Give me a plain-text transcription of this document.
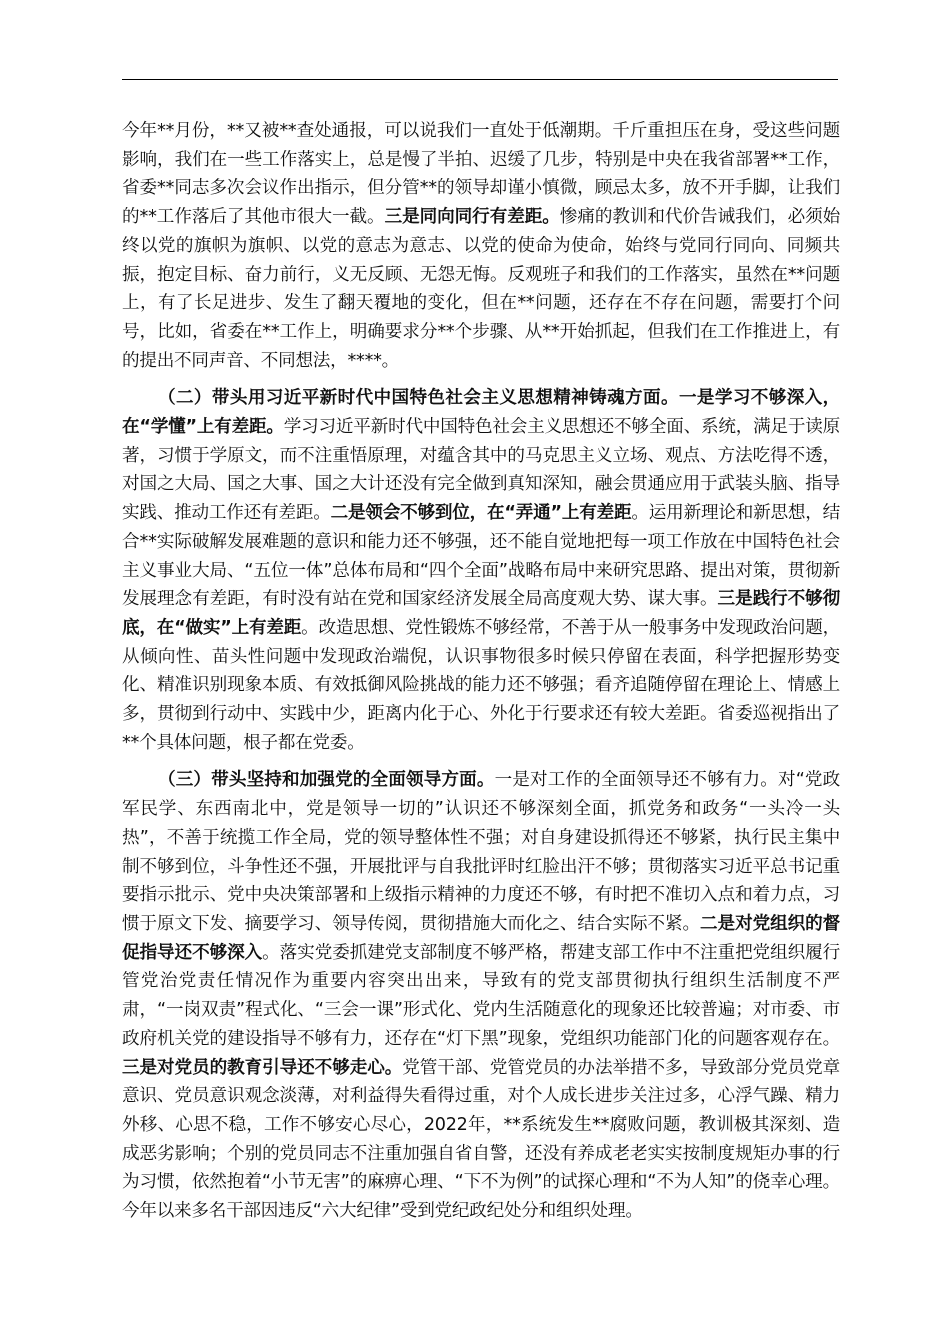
今年**月份，**又被**查处通报，可以说我们一直处于低潮期。千斤重担压在身，受这些问题影响，我们在一些工作落实上，总是慢了半拍、迟缓了几步，特别是中央在我省部署**工作，省委**同志多次会议作出指示，但分管**的领导却谨小慎微，顾忌太多，放不开手脚，让我们的**工作落后了其他市很大一截。三是同向同行有差距。惨痛的教训和代价告诫我们，必须始终以党的旗帜为旗帜、以党的意志为意志、以党的使命为使命，始终与党同行同向、同频共振，抱定目标、奋力前行，义无反顾、无怨无悔。反观班子和我们的工作落实，虽然在**问题上，有了长足进步、发生了翻天覆地的变化，但在**问题，还存在不存在问题，需要打个问号，比如，省委在**工作上，明确要求分**个步骤、从**开始抓起，但我们在工作推进上，有的提出不同声音、不同想法，****。

（二）带头用习近平新时代中国特色社会主义思想精神铸魂方面。一是学习不够深入，在“学懂”上有差距。学习习近平新时代中国特色社会主义思想还不够全面、系统，满足于读原著，习惯于学原文，而不注重悟原理，对蕴含其中的马克思主义立场、观点、方法吃得不透，对国之大局、国之大事、国之大计还没有完全做到真知深知，融会贯通应用于武装头脑、指导实践、推动工作还有差距。二是领会不够到位，在“弄通”上有差距。运用新理论和新思想，结合**实际破解发展难题的意识和能力还不够强，还不能自觉地把每一项工作放在中国特色社会主义事业大局、“五位一体”总体布局和“四个全面”战略布局中来研究思路、提出对策，贯彻新发展理念有差距，有时没有站在党和国家经济发展全局高度观大势、谋大事。三是践行不够彻底，在“做实”上有差距。改造思想、党性锻炼不够经常，不善于从一般事务中发现政治问题，从倾向性、苗头性问题中发现政治端倪，认识事物很多时候只停留在表面，科学把握形势变化、精准识别现象本质、有效抵御风险挑战的能力还不够强；看齐追随停留在理论上、情感上多，贯彻到行动中、实践中少，距离内化于心、外化于行要求还有较大差距。省委巡视指出了**个具体问题，根子都在党委。

（三）带头坚持和加强党的全面领导方面。一是对工作的全面领导还不够有力。对“党政军民学、东西南北中，党是领导一切的”认识还不够深刻全面，抓党务和政务“一头冷一头热”，不善于统揽工作全局，党的领导整体性不强；对自身建设抓得还不够紧，执行民主集中制不够到位，斗争性还不强，开展批评与自我批评时红脸出汗不够；贯彻落实习近平总书记重要指示批示、党中央决策部署和上级指示精神的力度还不够，有时把不准切入点和着力点，习惯于原文下发、摘要学习、领导传阅，贯彻措施大而化之、结合实际不紧。二是对党组织的督促指导还不够深入。落实党委抓建党支部制度不够严格，帮建支部工作中不注重把党组织履行管党治党责任情况作为重要内容突出出来，导致有的党支部贯彻执行组织生活制度不严肃，“一岗双责”程式化、“三会一课”形式化、党内生活随意化的现象还比较普遍；对市委、市政府机关党的建设指导不够有力，还存在“灯下黑”现象，党组织功能部门化的问题客观存在。三是对党员的教育引导还不够走心。党管干部、党管党员的办法举措不多，导致部分党员党章意识、党员意识观念淡薄，对利益得失看得过重，对个人成长进步关注过多，心浮气躁、精力外移、心思不稳，工作不够安心尽心，2022年，**系统发生**腐败问题，教训极其深刻、造成恶劣影响；个别的党员同志不注重加强自省自警，还没有养成老老实实按制度规矩办事的行为习惯，依然抱着“小节无害”的麻痹心理、“下不为例”的试探心理和“不为人知”的侥幸心理。今年以来多名干部因违反“六大纪律”受到党纪政纪处分和组织处理。
